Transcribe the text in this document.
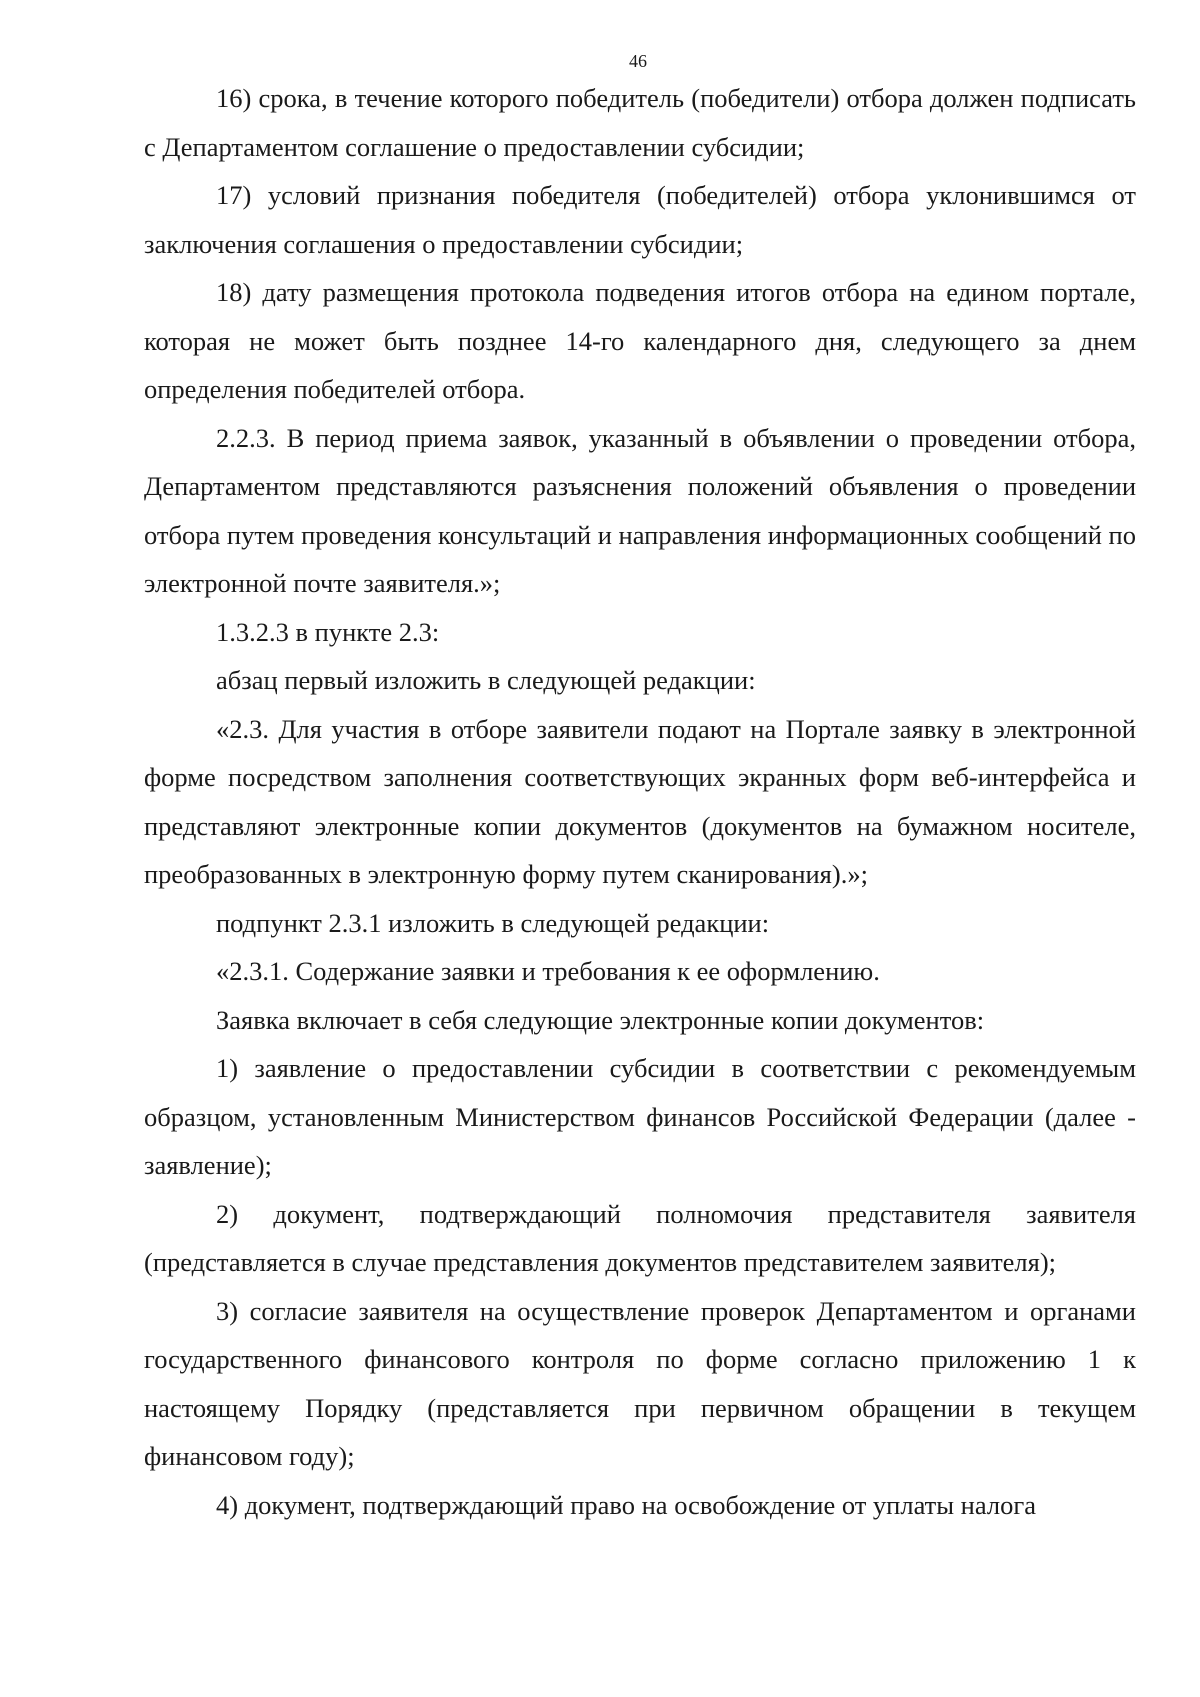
46

16) срока, в течение которого победитель (победители) отбора должен подписать с Департаментом соглашение о предоставлении субсидии;

17) условий признания победителя (победителей) отбора уклонившимся от заключения соглашения о предоставлении субсидии;

18) дату размещения протокола подведения итогов отбора на едином портале, которая не может быть позднее 14-го календарного дня, следующего за днем определения победителей отбора.

2.2.3. В период приема заявок, указанный в объявлении о проведении отбора, Департаментом представляются разъяснения положений объявления о проведении отбора путем проведения консультаций и направления информационных сообщений по электронной почте заявителя.»;

1.3.2.3 в пункте 2.3:

абзац первый изложить в следующей редакции:

«2.3. Для участия в отборе заявители подают на Портале заявку в электронной форме посредством заполнения соответствующих экранных форм веб-интерфейса и представляют электронные копии документов (документов на бумажном носителе, преобразованных в электронную форму путем сканирования).»;

подпункт 2.3.1 изложить в следующей редакции:

«2.3.1. Содержание заявки и требования к ее оформлению.

Заявка включает в себя следующие электронные копии документов:

1) заявление о предоставлении субсидии в соответствии с рекомендуемым образцом, установленным Министерством финансов Российской Федерации (далее - заявление);

2) документ, подтверждающий полномочия представителя заявителя (представляется в случае представления документов представителем заявителя);

3) согласие заявителя на осуществление проверок Департаментом и органами государственного финансового контроля по форме согласно приложению 1 к настоящему Порядку (представляется при первичном обращении в текущем финансовом году);

4) документ, подтверждающий право на освобождение от уплаты налога
